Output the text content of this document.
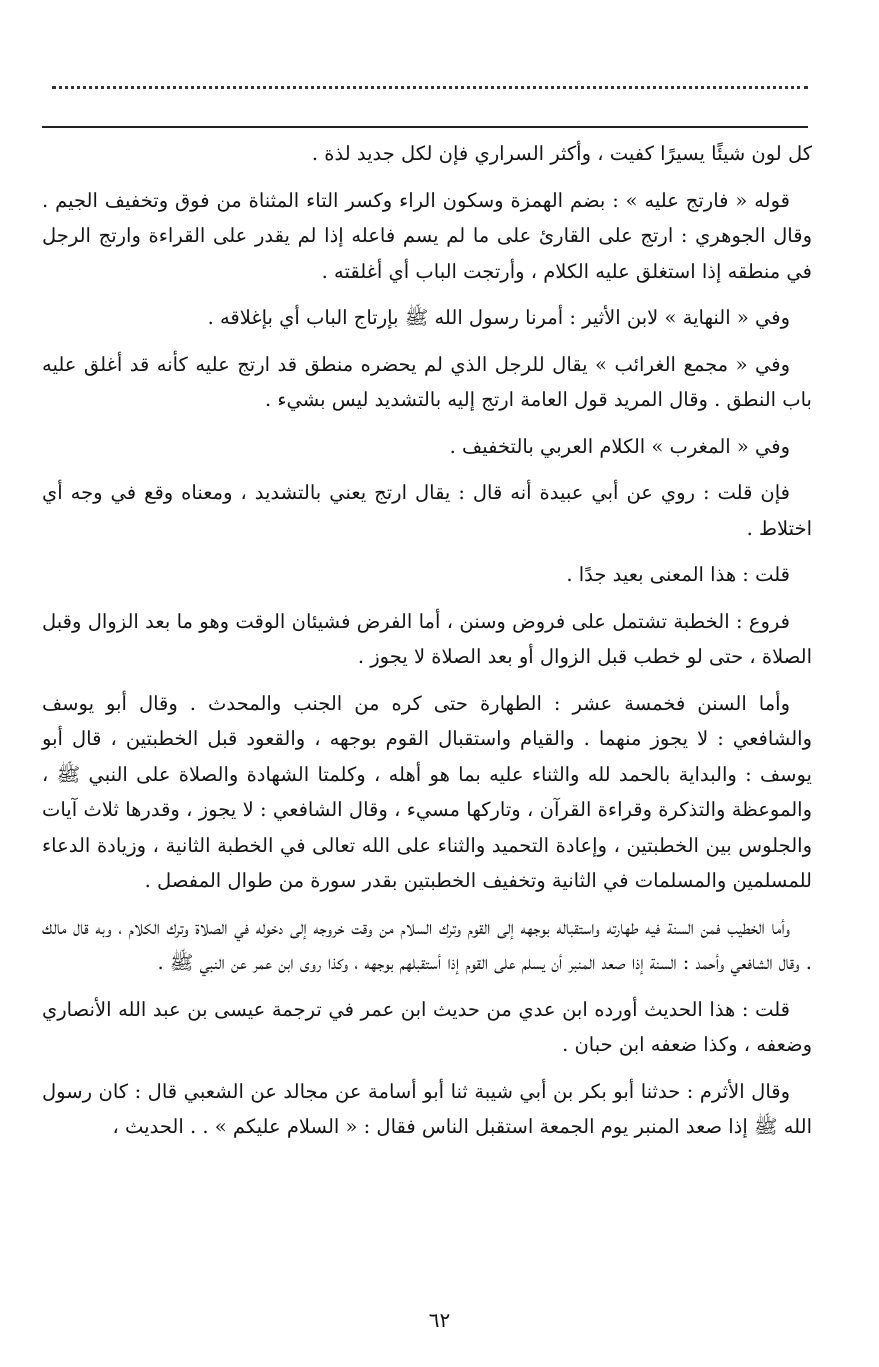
كل لون شيئًا يسيرًا كفيت ، وأكثر السراري فإن لكل جديد لذة .

قوله « فارتج عليه » : بضم الهمزة وسكون الراء وكسر التاء المثناة من فوق وتخفيف الجيم . وقال الجوهري : ارتج على القارئ على ما لم يسم فاعله إذا لم يقدر على القراءة وارتج الرجل في منطقه إذا استغلق عليه الكلام ، وأرتجت الباب أي أغلقته .

وفي « النهاية » لابن الأثير : أمرنا رسول الله ﷺ بإرتاج الباب أي بإغلاقه .

وفي « مجمع الغرائب » يقال للرجل الذي لم يحضره منطق قد ارتج عليه كأنه قد أغلق عليه باب النطق . وقال المريد قول العامة ارتج إليه بالتشديد ليس بشيء .

وفي « المغرب » الكلام العربي بالتخفيف .

فإن قلت : روي عن أبي عبيدة أنه قال : يقال ارتج يعني بالتشديد ، ومعناه وقع في وجه أي اختلاط .

قلت : هذا المعنى بعيد جدًا .

فروع : الخطبة تشتمل على فروض وسنن ، أما الفرض فشيئان الوقت وهو ما بعد الزوال وقبل الصلاة ، حتى لو خطب قبل الزوال أو بعد الصلاة لا يجوز .

وأما السنن فخمسة عشر : الطهارة حتى كره من الجنب والمحدث . وقال أبو يوسف والشافعي : لا يجوز منهما . والقيام واستقبال القوم بوجهه ، والقعود قبل الخطبتين ، قال أبو يوسف : والبداية بالحمد لله والثناء عليه بما هو أهله ، وكلمتا الشهادة والصلاة على النبي ﷺ ، والموعظة والتذكرة وقراءة القرآن ، وتاركها مسيء ، وقال الشافعي : لا يجوز ، وقدرها ثلاث آيات والجلوس بين الخطبتين ، وإعادة التحميد والثناء على الله تعالى في الخطبة الثانية ، وزيادة الدعاء للمسلمين والمسلمات في الثانية وتخفيف الخطبتين بقدر سورة من طوال المفصل .

وأما الخطيب فمن السنة فيه طهارته واستقباله بوجهه إلى القوم وترك السلام من وقت خروجه إلى دخوله في الصلاة وترك الكلام ، وبه قال مالك . وقال الشافعي وأحمد : السنة إذا صعد المنبر أن يسلم على القوم إذا أستقبلهم بوجهه ، وكذا روى ابن عمر عن النبي ﷺ .

قلت : هذا الحديث أورده ابن عدي من حديث ابن عمر في ترجمة عيسى بن عبد الله الأنصاري وضعفه ، وكذا ضعفه ابن حبان .

وقال الأثرم : حدثنا أبو بكر بن أبي شيبة ثنا أبو أسامة عن مجالد عن الشعبي قال : كان رسول الله ﷺ إذا صعد المنبر يوم الجمعة استقبل الناس فقال : « السلام عليكم » . . الحديث ،

٦٢
